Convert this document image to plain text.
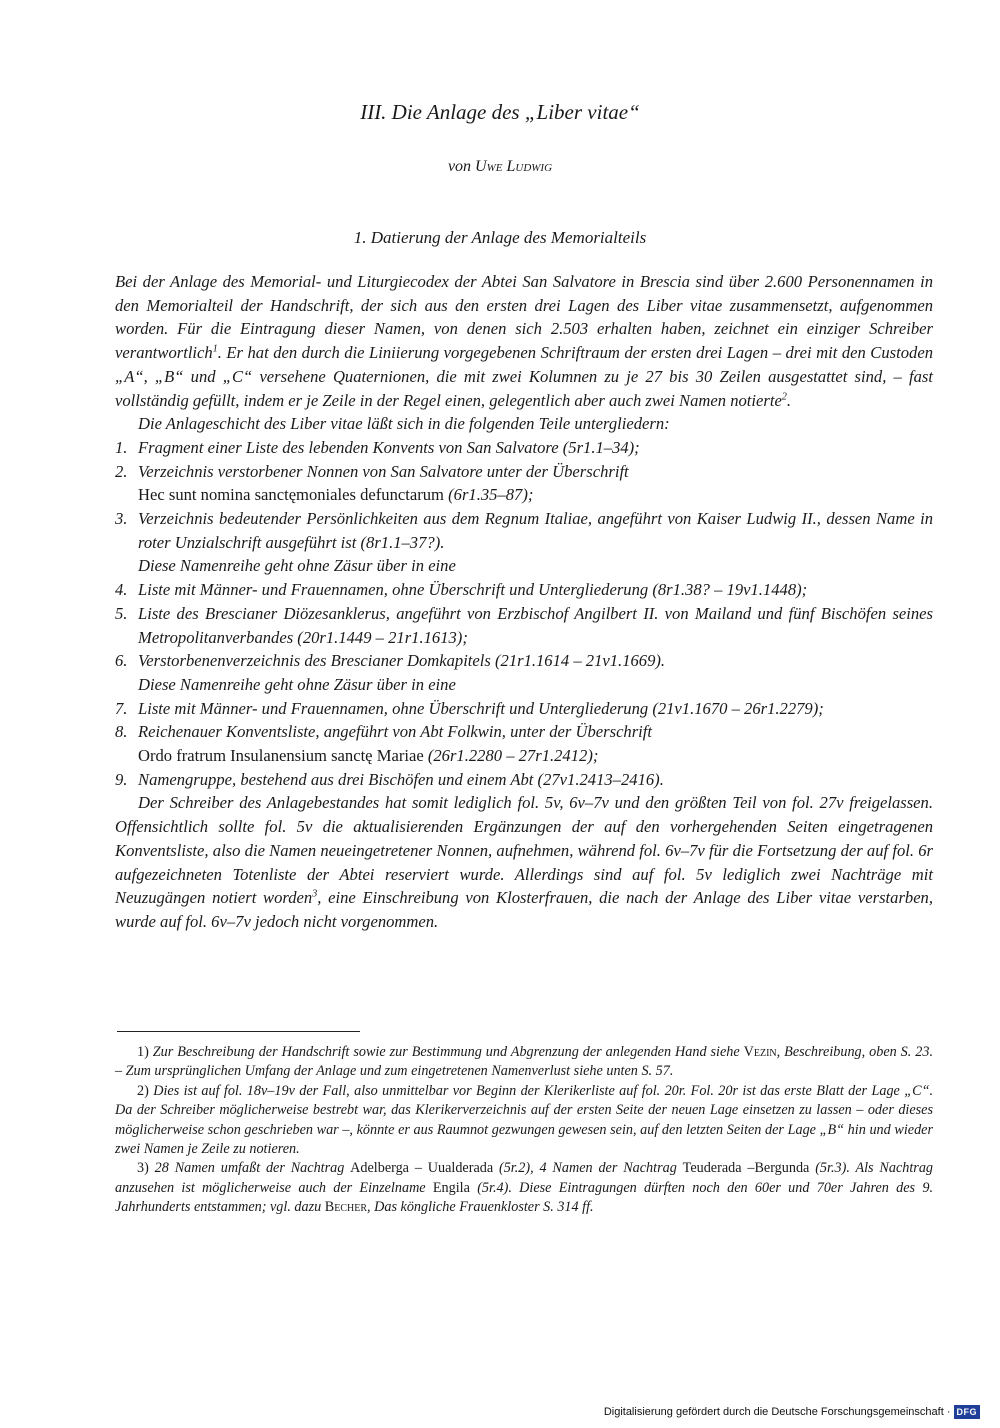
III. Die Anlage des „Liber vitae“
von Uwe Ludwig
1. Datierung der Anlage des Memorialteils

Bei der Anlage des Memorial- und Liturgiecodex der Abtei San Salvatore in Brescia sind über 2.600 Personennamen in den Memorialteil der Handschrift, der sich aus den ersten drei Lagen des Liber vitae zusammensetzt, aufgenommen worden. Für die Eintragung dieser Namen, von denen sich 2.503 erhalten haben, zeichnet ein einziger Schreiber verantwortlich$^1$. Er hat den durch die Liniierung vorgegebenen Schriftraum der ersten drei Lagen – drei mit den Custoden „A“, „B“ und „C“ versehene Quaternionen, die mit zwei Kolumnen zu je 27 bis 30 Zeilen ausgestattet sind, – fast vollständig gefüllt, indem er je Zeile in der Regel einen, gelegentlich aber auch zwei Namen notierte$^2$.

Die Anlageschicht des Liber vitae läßt sich in die folgenden Teile untergliedern:

1. Fragment einer Liste des lebenden Konvents von San Salvatore (5r1.1–34);
2. Verzeichnis verstorbener Nonnen von San Salvatore unter der Überschrift
Hec sunt nomina sanctęmoniales defunctarum (6r1.35–87);
3. Verzeichnis bedeutender Persönlichkeiten aus dem Regnum Italiae, angeführt von Kaiser Ludwig II., dessen Name in roter Unzialschrift ausgeführt ist (8r1.1–37?).
Diese Namenreihe geht ohne Zäsur über in eine
4. Liste mit Männer- und Frauennamen, ohne Überschrift und Untergliederung (8r1.38? – 19v1.1448);
5. Liste des Brescianer Diözesanklerus, angeführt von Erzbischof Angilbert II. von Mailand und fünf Bischöfen seines Metropolitanverbandes (20r1.1449 – 21r1.1613);
6. Verstorbenenverzeichnis des Brescianer Domkapitels (21r1.1614 – 21v1.1669).
Diese Namenreihe geht ohne Zäsur über in eine
7. Liste mit Männer- und Frauennamen, ohne Überschrift und Untergliederung (21v1.1670 – 26r1.2279);
8. Reichenauer Konventsliste, angeführt von Abt Folkwin, unter der Überschrift
Ordo fratrum Insulanensium sanctę Mariae (26r1.2280 – 27r1.2412);
9. Namengruppe, bestehend aus drei Bischöfen und einem Abt (27v1.2413–2416).

Der Schreiber des Anlagebestandes hat somit lediglich fol. 5v, 6v–7v und den größten Teil von fol. 27v freigelassen. Offensichtlich sollte fol. 5v die aktualisierenden Ergänzungen der auf den vorhergehenden Seiten eingetragenen Konventsliste, also die Namen neueingetretener Nonnen, aufnehmen, während fol. 6v–7v für die Fortsetzung der auf fol. 6r aufgezeichneten Totenliste der Abtei reserviert wurde. Allerdings sind auf fol. 5v lediglich zwei Nachträge mit Neuzugängen notiert worden$^3$, eine Einschreibung von Klosterfrauen, die nach der Anlage des Liber vitae verstarben, wurde auf fol. 6v–7v jedoch nicht vorgenommen.

1) Zur Beschreibung der Handschrift sowie zur Bestimmung und Abgrenzung der anlegenden Hand siehe Vezin, Beschreibung, oben S. 23. – Zum ursprünglichen Umfang der Anlage und zum eingetretenen Namenverlust siehe unten S. 57.

2) Dies ist auf fol. 18v–19v der Fall, also unmittelbar vor Beginn der Klerikerliste auf fol. 20r. Fol. 20r ist das erste Blatt der Lage „C“. Da der Schreiber möglicherweise bestrebt war, das Klerikerverzeichnis auf der ersten Seite der neuen Lage einsetzen zu lassen – oder dieses möglicherweise schon geschrieben war –, könnte er aus Raumnot gezwungen gewesen sein, auf den letzten Seiten der Lage „B“ hin und wieder zwei Namen je Zeile zu notieren.

3) 28 Namen umfaßt der Nachtrag Adelberga – Uualderada (5r.2), 4 Namen der Nachtrag Teuderada –Bergunda (5r.3). Als Nachtrag anzusehen ist möglicherweise auch der Einzelname Engila (5r.4). Diese Eintragungen dürften noch den 60er und 70er Jahren des 9. Jahrhunderts entstammen; vgl. dazu Becher, Das köngliche Frauenkloster S. 314 ff.

Digitalisierung gefördert durch die Deutsche Forschungsgemeinschaft · DFG
